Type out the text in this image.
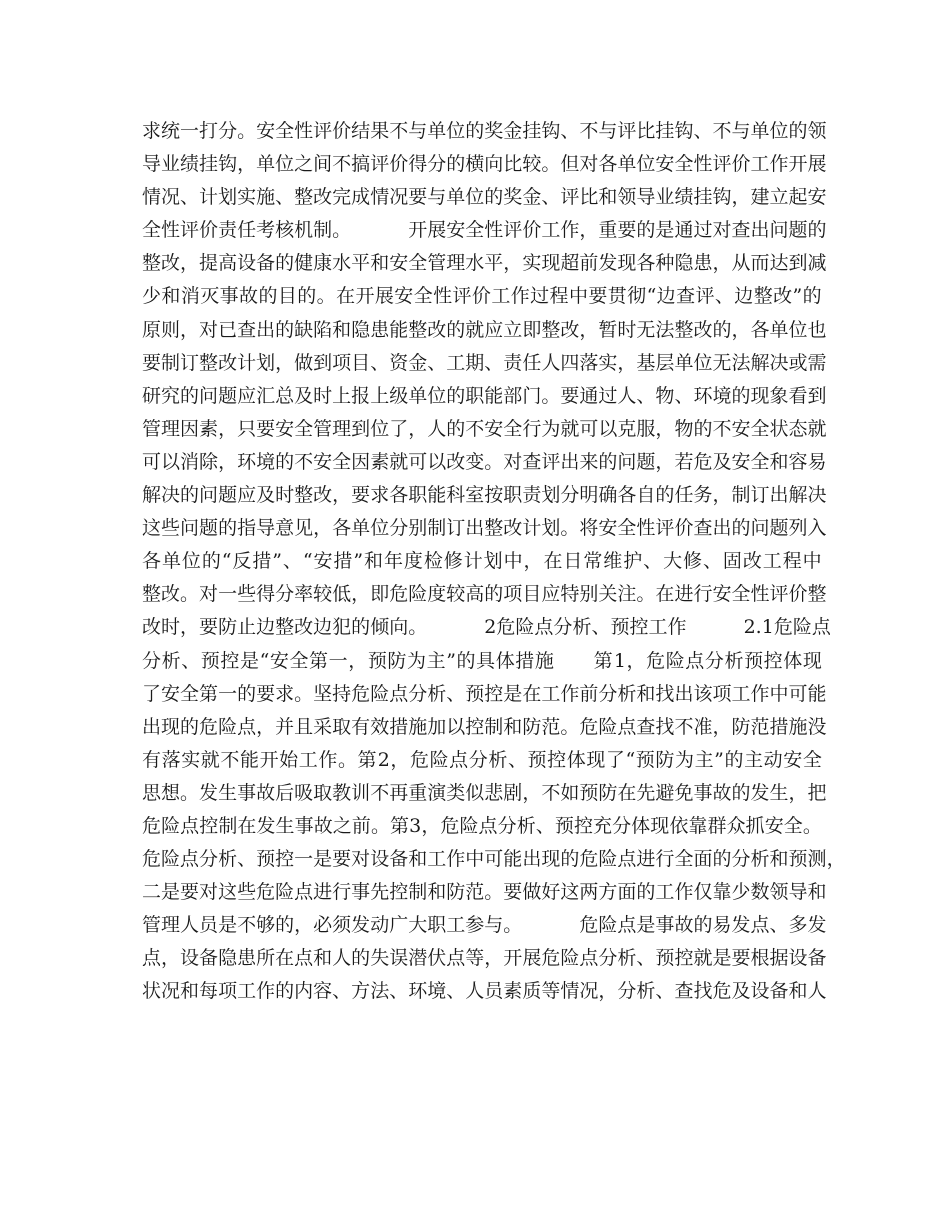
求 统 一 打 分 。 安 全 性 评 价 结 果 不 与 单 位 的 奖 金 挂 钩 、 不 与 评 比 挂 钩 、 不 与 单 位 的 领
导 业 绩 挂 钩 ， 单 位 之 间 不 搞 评 价 得 分 的 横 向 比 较 。 但 对 各 单 位 安 全 性 评 价 工 作 开 展
情 况 、 计 划 实 施 、 整 改 完 成 情 况 要 与 单 位 的 奖 金 、 评 比 和 领 导 业 绩 挂 钩 ， 建 立 起 安
全 性 评 价 责 任 考 核 机 制 。

　	开 展 安 全 性 评 价 工 作 ， 重 要 的 是 通 过 对 查 出 问 题 的
整 改 ， 提 高 设 备 的 健 康 水 平 和 安 全 管 理 水 平 ， 实 现 超 前 发 现 各 种 隐 患 ， 从 而 达 到 减
少 和 消 灭 事 故 的 目 的 。 在 开 展 安 全 性 评 价 工 作 过 程 中 要 贯 彻 “ 边 查 评 、 边 整 改 ” 的
原 则 ， 对 已 查 出 的 缺 陷 和 隐 患 能 整 改 的 就 应 立 即 整 改 ， 暂 时 无 法 整 改 的 ， 各 单 位 也
要 制 订 整 改 计 划 ， 做 到 项 目 、 资 金 、 工 期 、 责 任 人 四 落 实 ， 基 层 单 位 无 法 解 决 或 需
研 究 的 问 题 应 汇 总 及 时 上 报 上 级 单 位 的 职 能 部 门 。 要 通 过 人 、 物 、 环 境 的 现 象 看 到
管 理 因 素 ， 只 要 安 全 管 理 到 位 了 ， 人 的 不 安 全 行 为 就 可 以 克 服 ， 物 的 不 安 全 状 态 就
可 以 消 除 ， 环 境 的 不 安 全 因 素 就 可 以 改 变 。 对 查 评 出 来 的 问 题 ， 若 危 及 安 全 和 容 易
解 决 的 问 题 应 及 时 整 改 ， 要 求 各 职 能 科 室 按 职 责 划 分 明 确 各 自 的 任 务 ， 制 订 出 解 决
这 些 问 题 的 指 导 意 见 ， 各 单 位 分 别 制 订 出 整 改 计 划 。 将 安 全 性 评 价 查 出 的 问 题 列 入
各 单 位 的 “ 反 措 ” 、 “ 安 措 ” 和 年 度 检 修 计 划 中 ， 在 日 常 维 护 、 大 修 、 固 改 工 程 中
整 改 。 对 一 些 得 分 率 较 低 ， 即 危 险 度 较 高 的 项 目 应 特 别 关 注 。 在 进 行 安 全 性 评 价 整
改 时 ， 要 防 止 边 整 改 边 犯 的 倾 向 。

　	2 危 险 点 分 析 、 预 控 工 作

　	2 . 1 危 险 点
分 析 、 预 控 是 “ 安 全 第 一 ， 预 防 为 主 ” 的 具 体 措 施

　 第 1 ， 危 险 点 分 析 预 控 体 现
了 安 全 第 一 的 要 求 。 坚 持 危 险 点 分 析 、 预 控 是 在 工 作 前 分 析 和 找 出 该 项 工 作 中 可 能
出 现 的 危 险 点 ， 并 且 采 取 有 效 措 施 加 以 控 制 和 防 范 。 危 险 点 查 找 不 准 ， 防 范 措 施 没
有 落 实 就 不 能 开 始 工 作 。 第 2 ， 危 险 点 分 析 、 预 控 体 现 了 “ 预 防 为 主 ” 的 主 动 安 全
思 想 。 发 生 事 故 后 吸 取 教 训 不 再 重 演 类 似 悲 剧 ， 不 如 预 防 在 先 避 免 事 故 的 发 生 ， 把
危 险 点 控 制 在 发 生 事 故 之 前 。 第 3 ， 危 险 点 分 析 、 预 控 充 分 体 现 依 靠 群 众 抓 安 全 。
危 险 点 分 析 、 预 控 一 是 要 对 设 备 和 工 作 中 可 能 出 现 的 危 险 点 进 行 全 面 的 分 析 和 预 测 ，
二 是 要 对 这 些 危 险 点 进 行 事 先 控 制 和 防 范 。 要 做 好 这 两 方 面 的 工 作 仅 靠 少 数 领 导 和
管 理 人 员 是 不 够 的 ， 必 须 发 动 广 大 职 工 参 与 。

　	危 险 点 是 事 故 的 易 发 点 、 多 发
点 ， 设 备 隐 患 所 在 点 和 人 的 失 误 潜 伏 点 等 ， 开 展 危 险 点 分 析 、 预 控 就 是 要 根 据 设 备
状 况 和 每 项 工 作 的 内 容 、 方 法 、 环 境 、 人 员 素 质 等 情 况 ， 分 析 、 查 找 危 及 设 备 和 人
